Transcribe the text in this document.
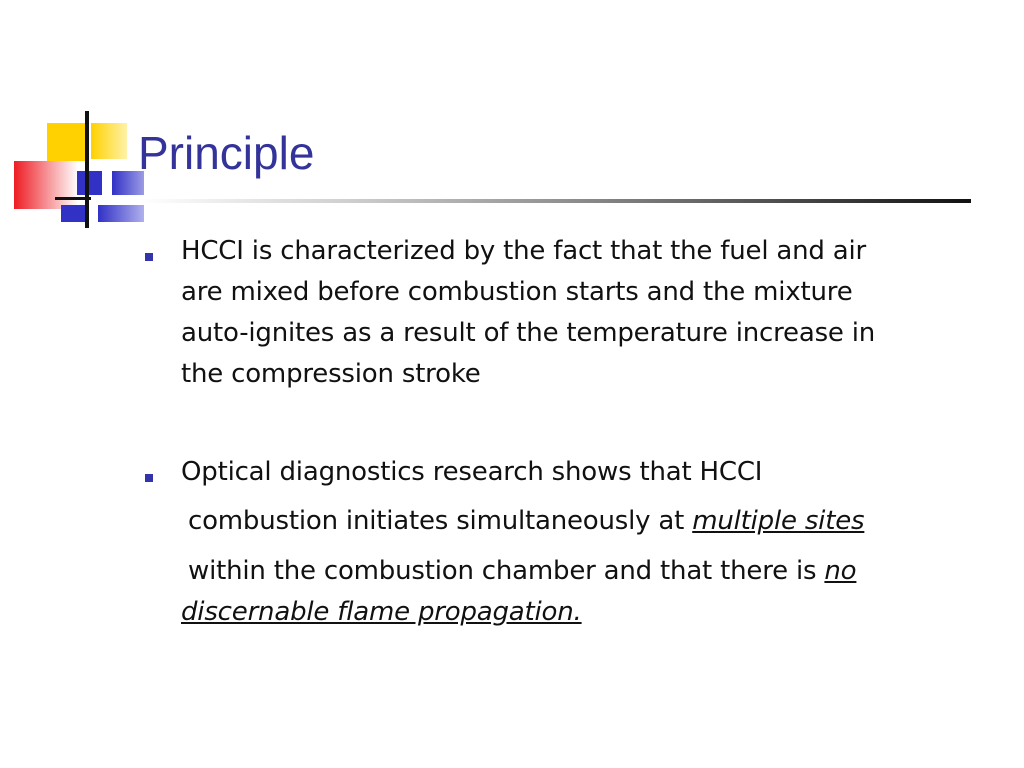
Principle
HCCI is characterized by the fact that the fuel and air
are mixed before combustion starts and the mixture
auto-ignites as a result of the temperature increase in
the compression stroke
Optical diagnostics research shows that HCCI
combustion initiates simultaneously at multiple sites
within the combustion chamber and that there is no
discernable flame propagation.
